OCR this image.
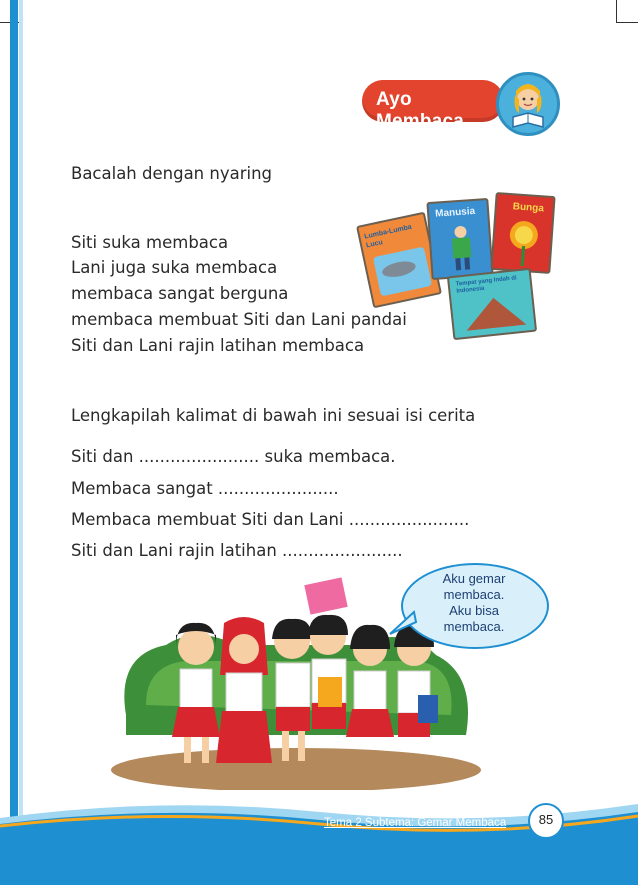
Ayo Membaca
Bacalah dengan nyaring
Siti suka membaca
Lani juga suka membaca
membaca sangat berguna
membaca membuat Siti dan Lani pandai
Siti dan Lani rajin latihan membaca
Lumba-Lumba Lucu
Manusia	Bunga
Tempat yang Indah di Indonesia
Lengkapilah kalimat di bawah ini sesuai isi cerita
Siti dan ....................... suka membaca.
Membaca sangat .......................
Membaca membuat Siti dan Lani .......................
Siti dan Lani rajin latihan .......................
Aku gemar
membaca.
Aku bisa
membaca.
Tema 2 Subtema: Gemar Membaca	85
